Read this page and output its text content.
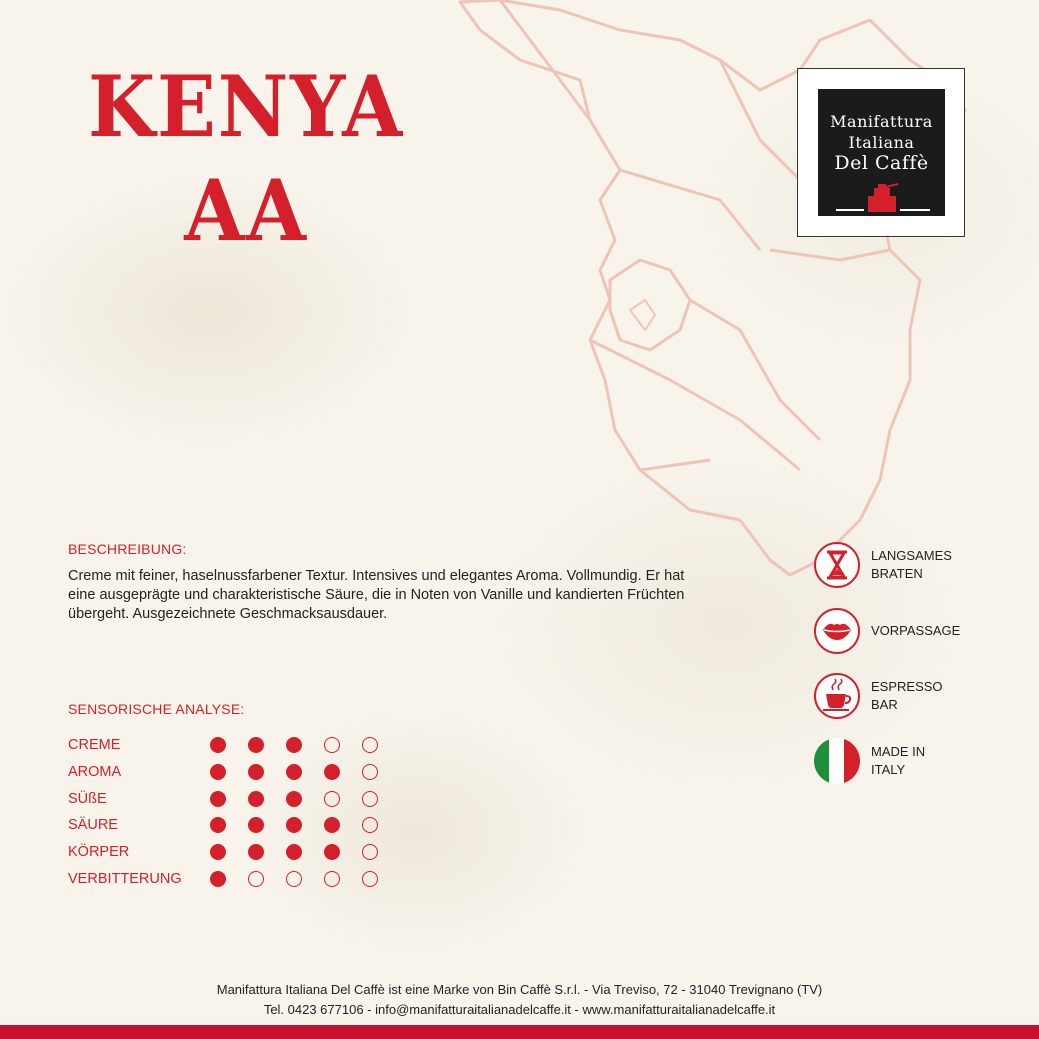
KENYA
AA
Manifattura
Italiana
Del Caffè
BESCHREIBUNG:
Creme mit feiner, haselnussfarbener Textur. Intensives und elegantes Aroma. Vollmundig. Er hat eine ausgeprägte und charakteristische Säure, die in Noten von Vanille und kandierten Früchten übergeht. Ausgezeichnete Geschmacksausdauer.
SENSORISCHE ANALYSE:
CREME
AROMA
SÜßE
SÄURE
KÖRPER
VERBITTERUNG
LANGSAMES
BRATEN
VORPASSAGE
ESPRESSO
BAR
MADE IN
ITALY
Manifattura Italiana Del Caffè ist eine Marke von Bin Caffè S.r.l. - Via Treviso, 72 - 31040 Trevignano (TV)
Tel. 0423 677106 - info@manifatturaitalianadelcaffe.it - www.manifatturaitalianadelcaffe.it
